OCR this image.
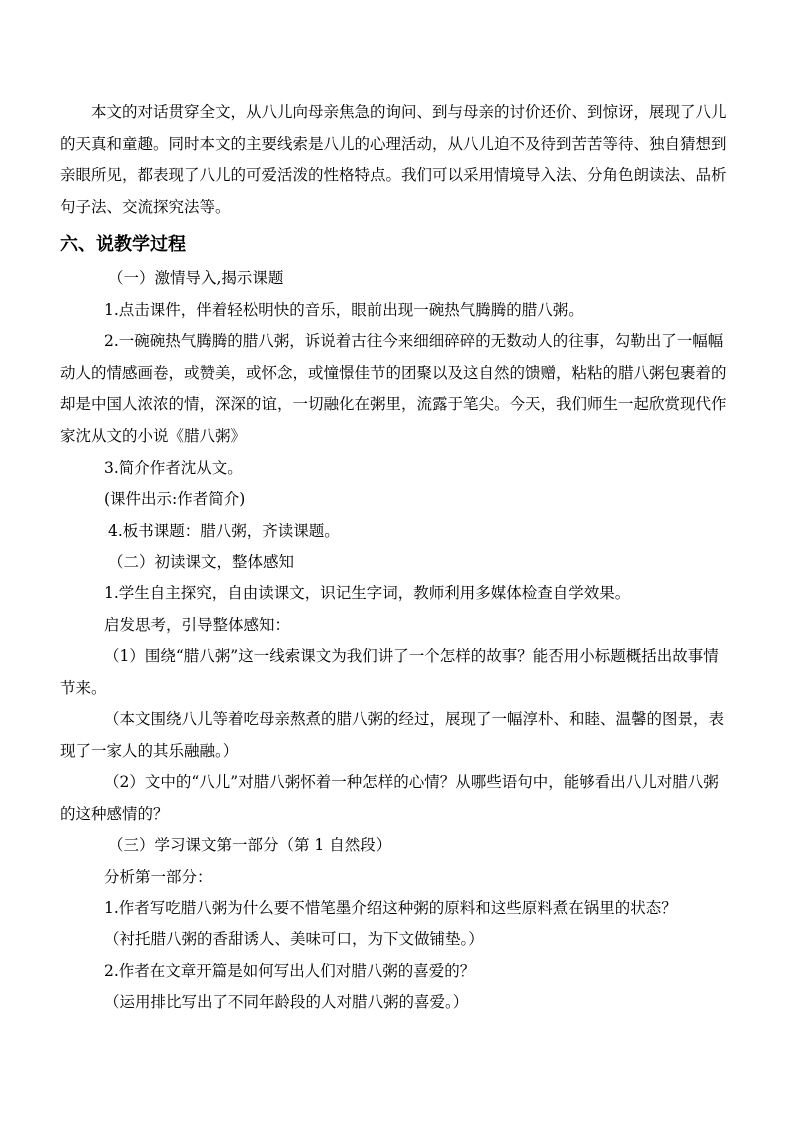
本文的对话贯穿全文，从八儿向母亲焦急的询问、到与母亲的讨价还价、到惊讶，展现了八儿的天真和童趣。同时本文的主要线索是八儿的心理活动，从八儿迫不及待到苦苦等待、独自猜想到亲眼所见，都表现了八儿的可爱活泼的性格特点。我们可以采用情境导入法、分角色朗读法、品析句子法、交流探究法等。
六、说教学过程
（一）激情导入,揭示课题
1.点击课件，伴着轻松明快的音乐，眼前出现一碗热气腾腾的腊八粥。
2.一碗碗热气腾腾的腊八粥，诉说着古往今来细细碎碎的无数动人的往事，勾勒出了一幅幅动人的情感画卷，或赞美，或怀念，或憧憬佳节的团聚以及这自然的馈赠，粘粘的腊八粥包裹着的却是中国人浓浓的情，深深的谊，一切融化在粥里，流露于笔尖。今天，我们师生一起欣赏现代作家沈从文的小说《腊八粥》
3.简介作者沈从文。
(课件出示:作者简介)
4.板书课题：腊八粥，齐读课题。
（二）初读课文，整体感知
1.学生自主探究，自由读课文，识记生字词，教师利用多媒体检查自学效果。
启发思考，引导整体感知：
（1）围绕“腊八粥”这一线索课文为我们讲了一个怎样的故事？能否用小标题概括出故事情节来。
（本文围绕八儿等着吃母亲熬煮的腊八粥的经过，展现了一幅淳朴、和睦、温馨的图景，表现了一家人的其乐融融。）
（2）文中的“八儿”对腊八粥怀着一种怎样的心情？从哪些语句中，能够看出八儿对腊八粥的这种感情的？
（三）学习课文第一部分（第 1 自然段）
分析第一部分：
1.作者写吃腊八粥为什么要不惜笔墨介绍这种粥的原料和这些原料煮在锅里的状态？
（衬托腊八粥的香甜诱人、美味可口，为下文做铺垫。）
2.作者在文章开篇是如何写出人们对腊八粥的喜爱的？
（运用排比写出了不同年龄段的人对腊八粥的喜爱。）
